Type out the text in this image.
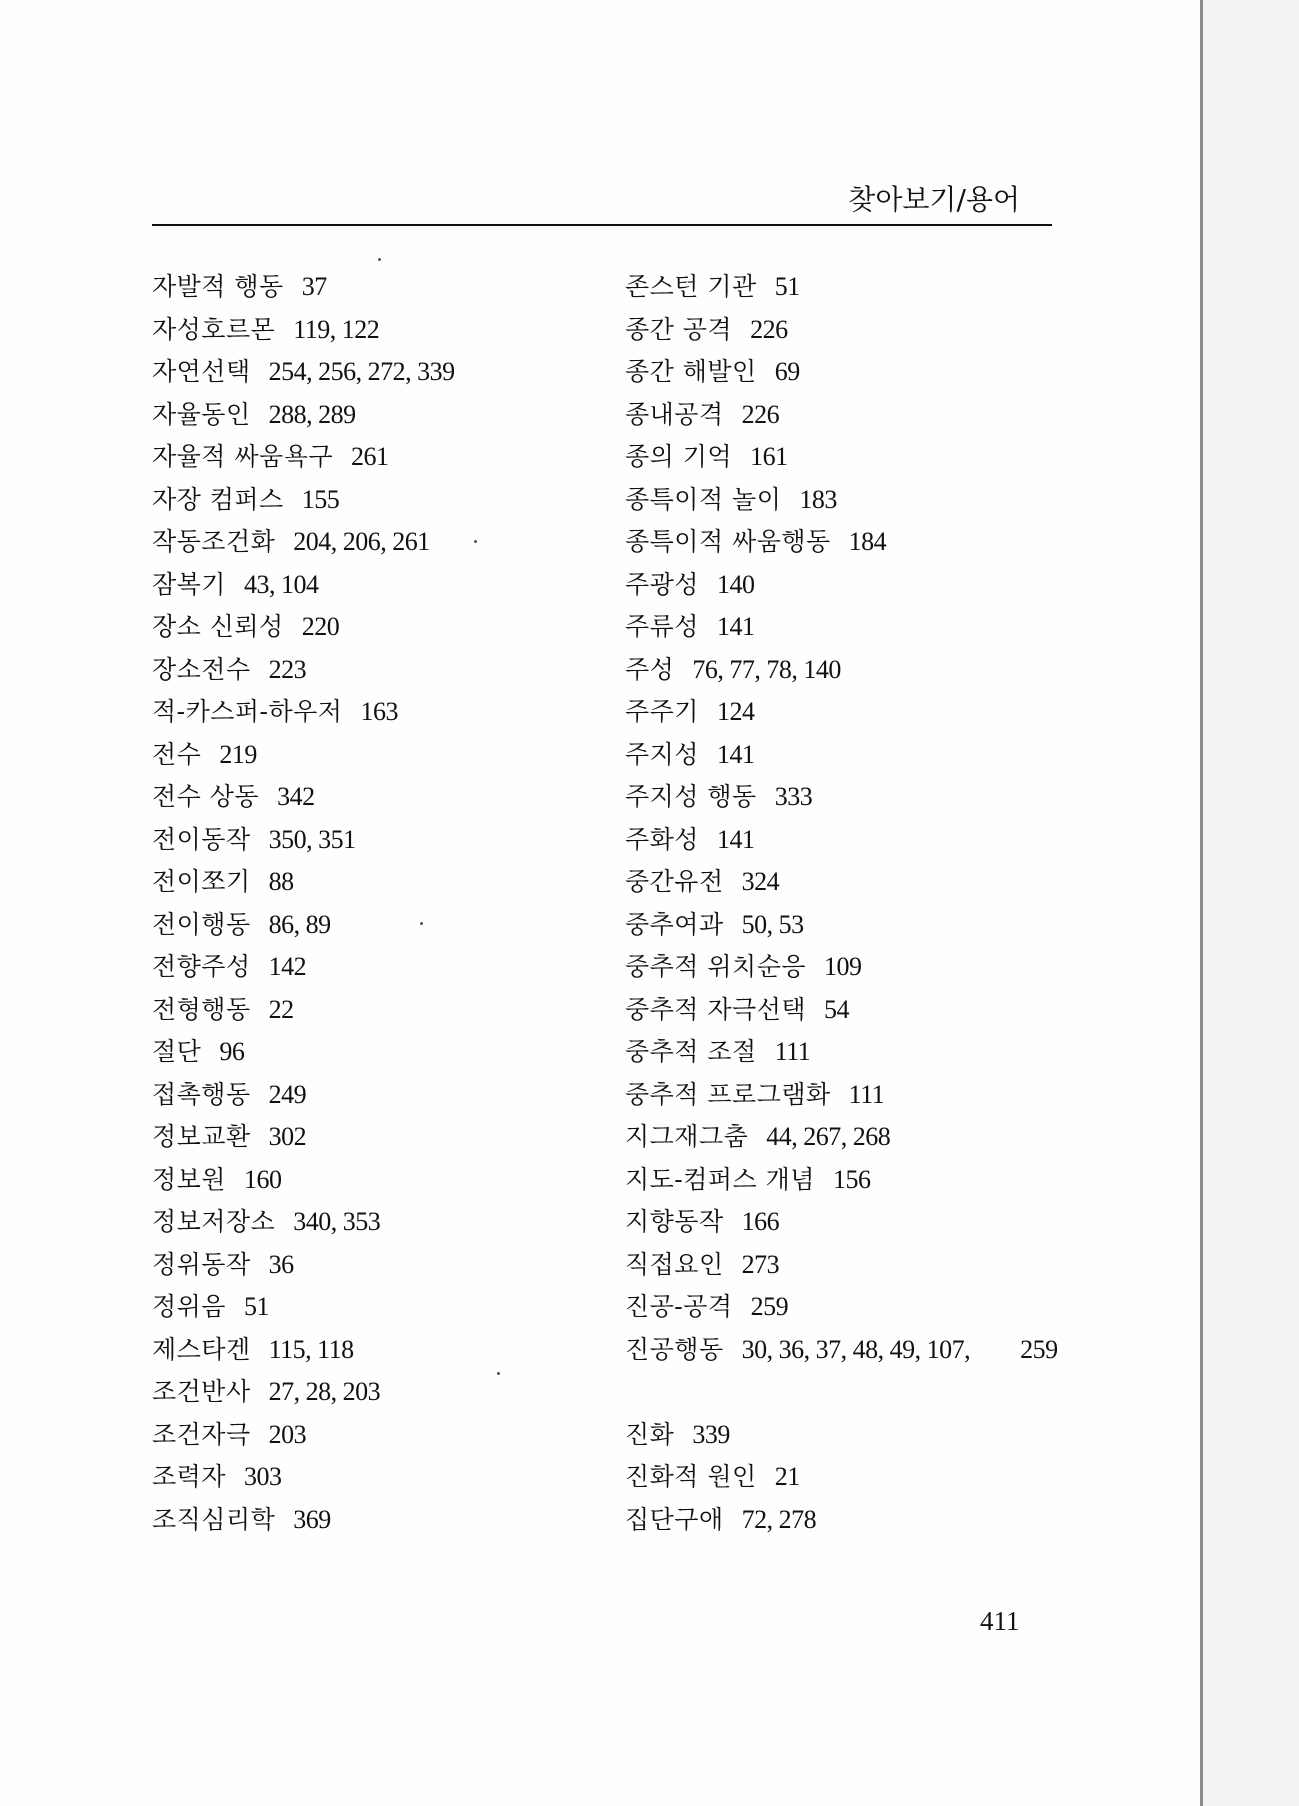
찾아보기/용어
자발적 행동 37
자성호르몬 119, 122
자연선택 254, 256, 272, 339
자율동인 288, 289
자율적 싸움욕구 261
자장 컴퍼스 155
작동조건화 204, 206, 261
잠복기 43, 104
장소 신뢰성 220
장소전수 223
적-카스퍼-하우저 163
전수 219
전수 상동 342
전이동작 350, 351
전이쪼기 88
전이행동 86, 89
전향주성 142
전형행동 22
절단 96
접촉행동 249
정보교환 302
정보원 160
정보저장소 340, 353
정위동작 36
정위음 51
제스타겐 115, 118
조건반사 27, 28, 203
조건자극 203
조력자 303
조직심리학 369
존스턴 기관 51
종간 공격 226
종간 해발인 69
종내공격 226
종의 기억 161
종특이적 놀이 183
종특이적 싸움행동 184
주광성 140
주류성 141
주성 76, 77, 78, 140
주주기 124
주지성 141
주지성 행동 333
주화성 141
중간유전 324
중추여과 50, 53
중추적 위치순응 109
중추적 자극선택 54
중추적 조절 111
중추적 프로그램화 111
지그재그춤 44, 267, 268
지도-컴퍼스 개념 156
지향동작 166
직접요인 273
진공-공격 259
진공행동 30, 36, 37, 48, 49, 107, 259
진화 339
진화적 원인 21
집단구애 72, 278
411
